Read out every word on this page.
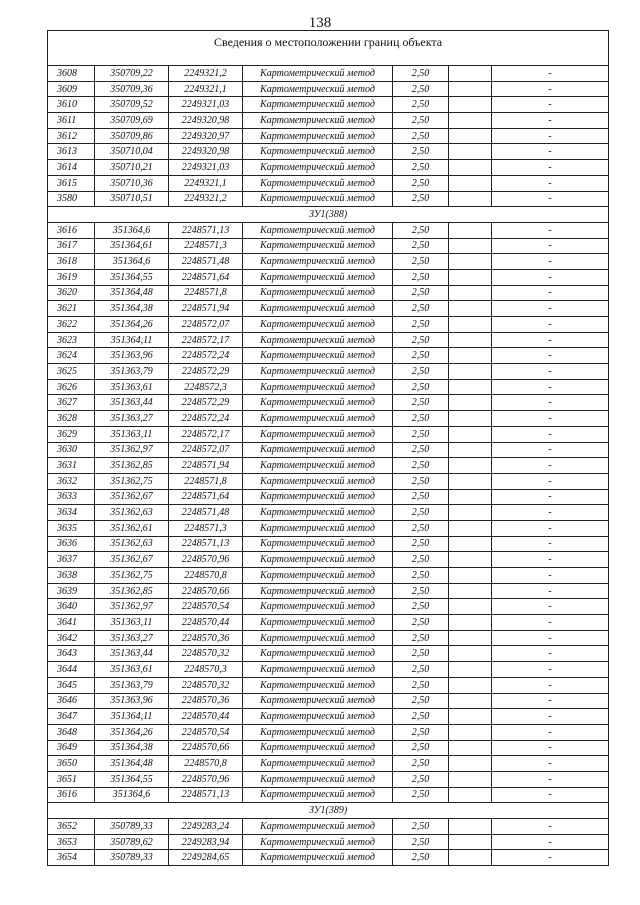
138
Сведения о местоположении границ объекта						
3608	350709,22	2249321,2	Картометрический метод	2,50		-
3609	350709,36	2249321,1	Картометрический метод	2,50		-
3610	350709,52	2249321,03	Картометрический метод	2,50		-
3611	350709,69	2249320,98	Картометрический метод	2,50		-
3612	350709,86	2249320,97	Картометрический метод	2,50		-
3613	350710,04	2249320,98	Картометрический метод	2,50		-
3614	350710,21	2249321,03	Картометрический метод	2,50		-
3615	350710,36	2249321,1	Картометрический метод	2,50		-
3580	350710,51	2249321,2	Картометрический метод	2,50		-
ЗУ1(388)						
3616	351364,6	2248571,13	Картометрический метод	2,50		-
3617	351364,61	2248571,3	Картометрический метод	2,50		-
3618	351364,6	2248571,48	Картометрический метод	2,50		-
3619	351364,55	2248571,64	Картометрический метод	2,50		-
3620	351364,48	2248571,8	Картометрический метод	2,50		-
3621	351364,38	2248571,94	Картометрический метод	2,50		-
3622	351364,26	2248572,07	Картометрический метод	2,50		-
3623	351364,11	2248572,17	Картометрический метод	2,50		-
3624	351363,96	2248572,24	Картометрический метод	2,50		-
3625	351363,79	2248572,29	Картометрический метод	2,50		-
3626	351363,61	2248572,3	Картометрический метод	2,50		-
3627	351363,44	2248572,29	Картометрический метод	2,50		-
3628	351363,27	2248572,24	Картометрический метод	2,50		-
3629	351363,11	2248572,17	Картометрический метод	2,50		-
3630	351362,97	2248572,07	Картометрический метод	2,50		-
3631	351362,85	2248571,94	Картометрический метод	2,50		-
3632	351362,75	2248571,8	Картометрический метод	2,50		-
3633	351362,67	2248571,64	Картометрический метод	2,50		-
3634	351362,63	2248571,48	Картометрический метод	2,50		-
3635	351362,61	2248571,3	Картометрический метод	2,50		-
3636	351362,63	2248571,13	Картометрический метод	2,50		-
3637	351362,67	2248570,96	Картометрический метод	2,50		-
3638	351362,75	2248570,8	Картометрический метод	2,50		-
3639	351362,85	2248570,66	Картометрический метод	2,50		-
3640	351362,97	2248570,54	Картометрический метод	2,50		-
3641	351363,11	2248570,44	Картометрический метод	2,50		-
3642	351363,27	2248570,36	Картометрический метод	2,50		-
3643	351363,44	2248570,32	Картометрический метод	2,50		-
3644	351363,61	2248570,3	Картометрический метод	2,50		-
3645	351363,79	2248570,32	Картометрический метод	2,50		-
3646	351363,96	2248570,36	Картометрический метод	2,50		-
3647	351364,11	2248570,44	Картометрический метод	2,50		-
3648	351364,26	2248570,54	Картометрический метод	2,50		-
3649	351364,38	2248570,66	Картометрический метод	2,50		-
3650	351364,48	2248570,8	Картометрический метод	2,50		-
3651	351364,55	2248570,96	Картометрический метод	2,50		-
3616	351364,6	2248571,13	Картометрический метод	2,50		-
ЗУ1(389)						
3652	350789,33	2249283,24	Картометрический метод	2,50		-
3653	350789,62	2249283,94	Картометрический метод	2,50		-
3654	350789,33	2249284,65	Картометрический метод	2,50		-
